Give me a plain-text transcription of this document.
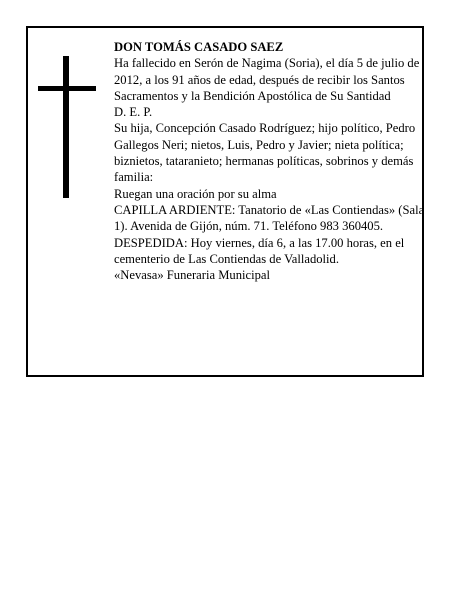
DON TOMÁS CASADO SAEZ

Ha fallecido en Serón de Nagima (Soria), el día 5 de julio de 2012, a los 91 años de edad, después de recibir los Santos Sacramentos y la Bendición Apostólica de Su Santidad

D. E. P.

Su hija, Concepción Casado Rodríguez; hijo político, Pedro Gallegos Neri; nietos, Luis, Pedro y Javier; nieta política; biznietos, tataranieto; hermanas políticas, sobrinos y demás familia:

Ruegan una oración por su alma

CAPILLA ARDIENTE: Tanatorio de «Las Contiendas» (Sala 1). Avenida de Gijón, núm. 71. Teléfono 983 360405.

DESPEDIDA: Hoy viernes, día 6, a las 17.00 horas, en el cementerio de Las Contiendas de Valladolid.

«Nevasa» Funeraria Municipal
